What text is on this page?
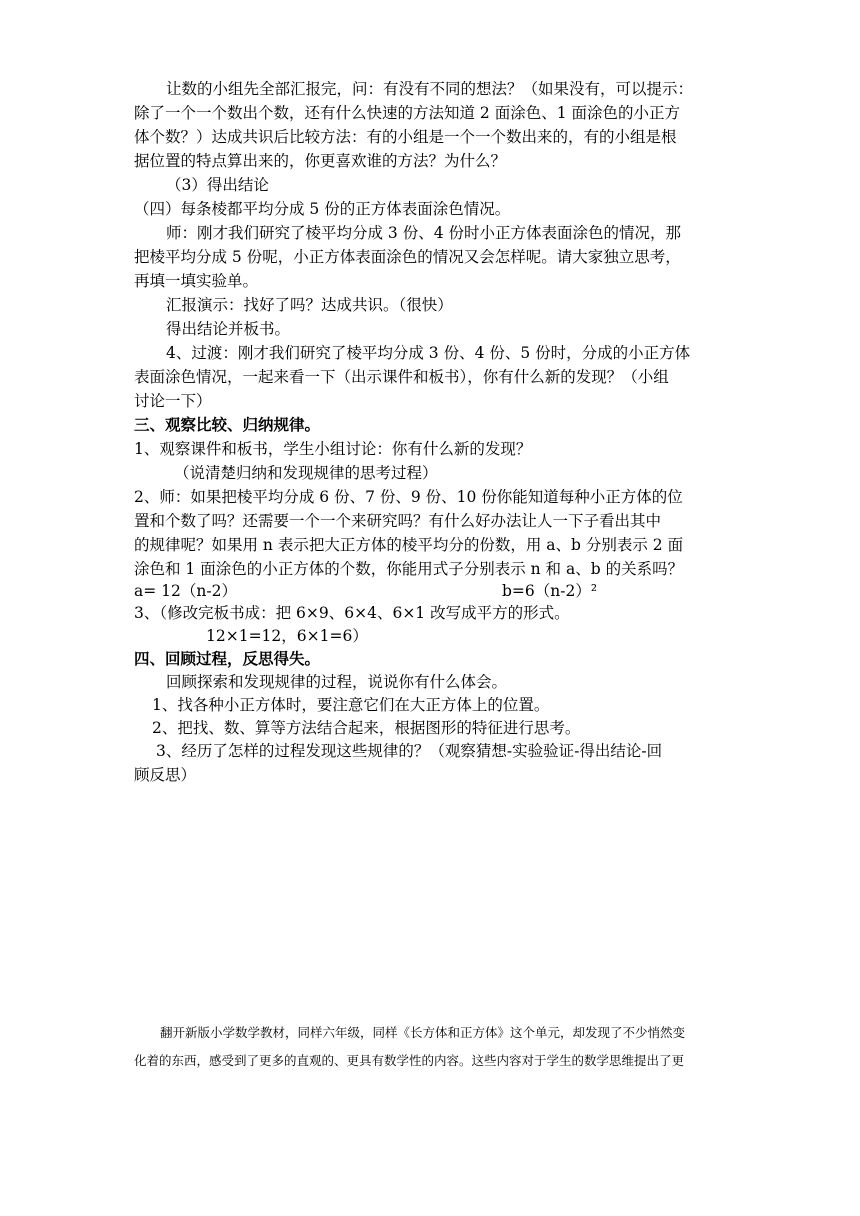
让数的小组先全部汇报完，问：有没有不同的想法？（如果没有，可以提示：
除了一个一个数出个数，还有什么快速的方法知道 2 面涂色、1 面涂色的小正方
体个数？）达成共识后比较方法：有的小组是一个一个数出来的，有的小组是根
据位置的特点算出来的，你更喜欢谁的方法？为什么？
（3）得出结论
（四）每条棱都平均分成 5 份的正方体表面涂色情况。
师：刚才我们研究了棱平均分成 3 份、4 份时小正方体表面涂色的情况，那
把棱平均分成 5 份呢，小正方体表面涂色的情况又会怎样呢。请大家独立思考，
再填一填实验单。
汇报演示：找好了吗？达成共识。（很快）
得出结论并板书。
4、过渡：刚才我们研究了棱平均分成 3 份、4 份、5 份时，分成的小正方体
表面涂色情况，一起来看一下（出示课件和板书），你有什么新的发现？（小组
讨论一下）
三、观察比较、归纳规律。
1、观察课件和板书，学生小组讨论：你有什么新的发现？
（说清楚归纳和发现规律的思考过程）
2、师：如果把棱平均分成 6 份、7 份、9 份、10 份你能知道每种小正方体的位
置和个数了吗？还需要一个一个来研究吗？有什么好办法让人一下子看出其中
的规律呢？如果用 n 表示把大正方体的棱平均分的份数，用 a、b 分别表示 2 面
涂色和 1 面涂色的小正方体的个数，你能用式子分别表示 n 和 a、b 的关系吗？
a= 12（n-2）	b=6（n-2）²
3、（修改完板书成：把 6×9、6×4、6×1 改写成平方的形式。
12×1=12，6×1=6）
四、回顾过程，反思得失。
回顾探索和发现规律的过程，说说你有什么体会。
1、找各种小正方体时，要注意它们在大正方体上的位置。
2、把找、数、算等方法结合起来，根据图形的特征进行思考。
3、经历了怎样的过程发现这些规律的？（观察猜想-实验验证-得出结论-回
顾反思）
翻开新版小学数学教材，同样六年级，同样《长方体和正方体》这个单元，却发现了不少悄然变
化着的东西，感受到了更多的直观的、更具有数学性的内容。这些内容对于学生的数学思维提出了更
